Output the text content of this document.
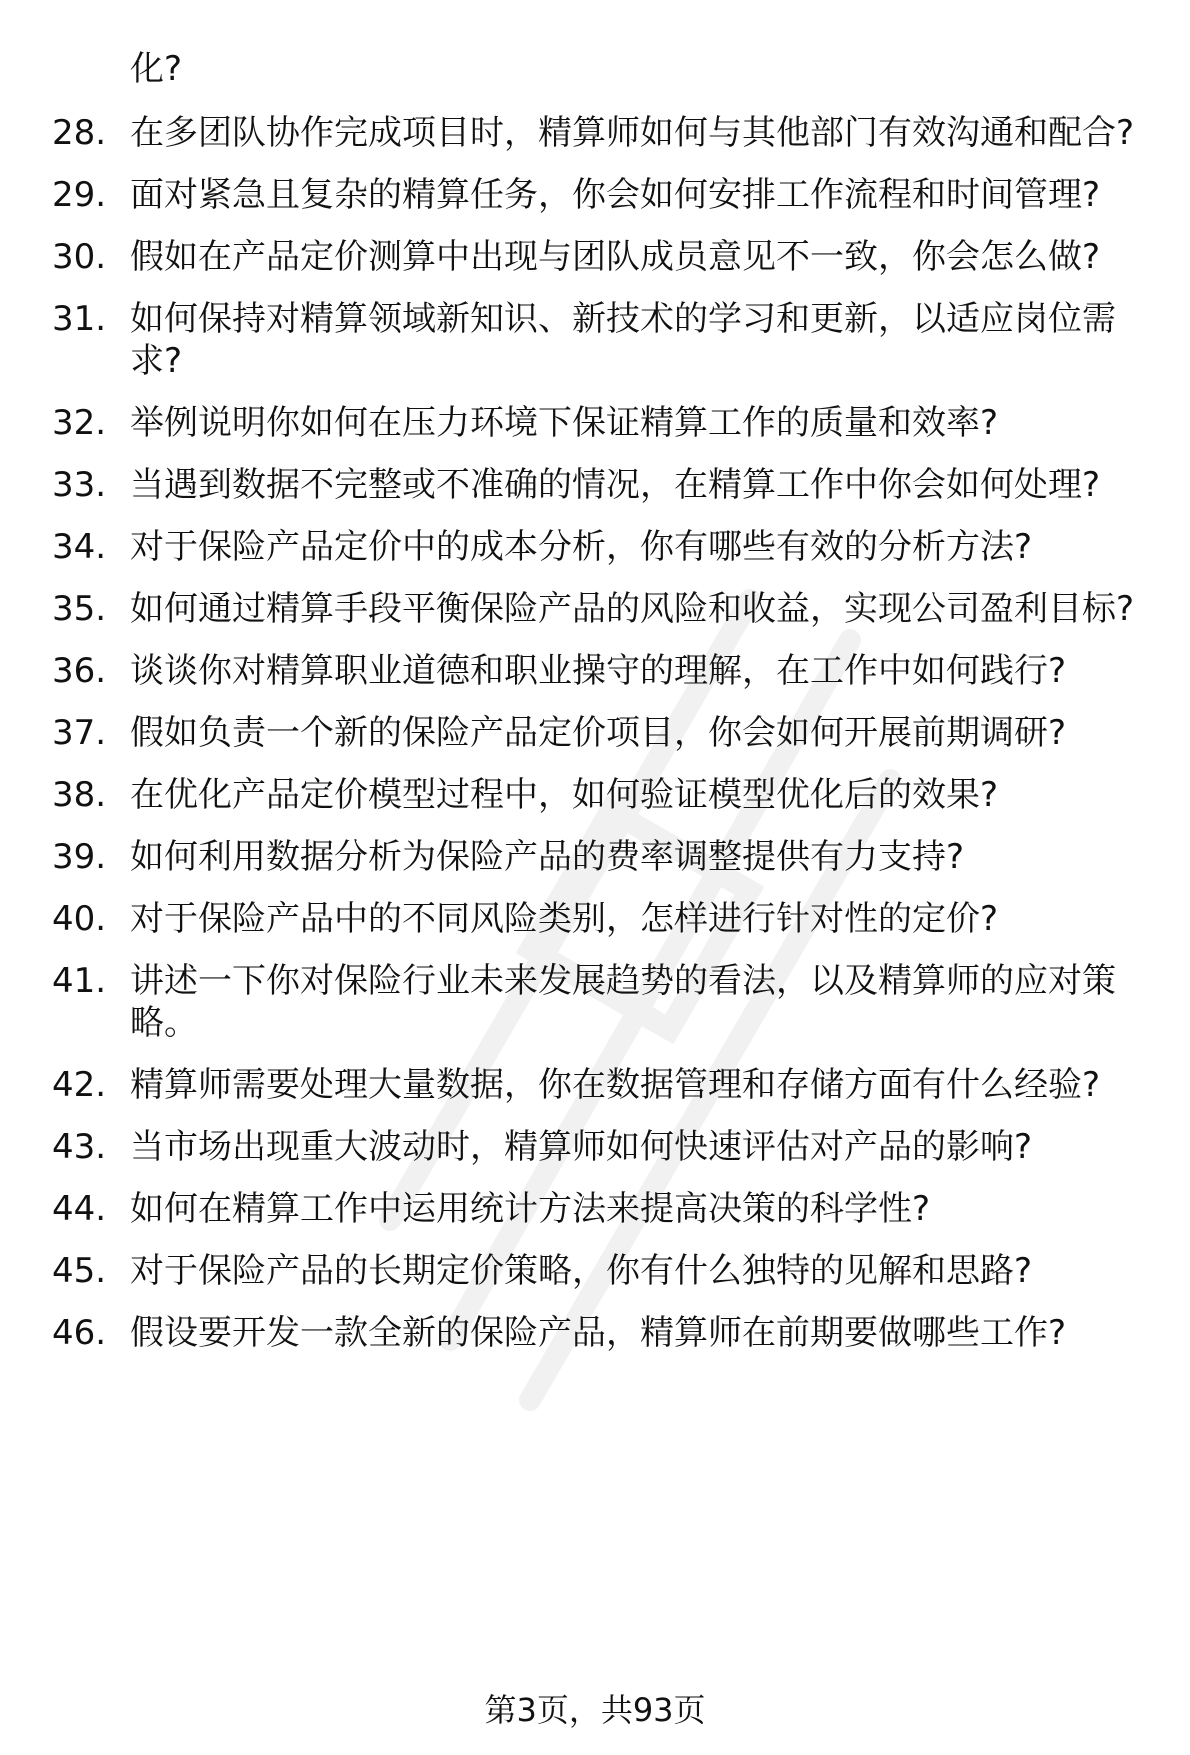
化?

28. 在多团队协作完成项目时，精算师如何与其他部门有效沟通和配合?
29. 面对紧急且复杂的精算任务，你会如何安排工作流程和时间管理?
30. 假如在产品定价测算中出现与团队成员意见不一致，你会怎么做?
31. 如何保持对精算领域新知识、新技术的学习和更新，以适应岗位需求?
32. 举例说明你如何在压力环境下保证精算工作的质量和效率?
33. 当遇到数据不完整或不准确的情况，在精算工作中你会如何处理?
34. 对于保险产品定价中的成本分析，你有哪些有效的分析方法?
35. 如何通过精算手段平衡保险产品的风险和收益，实现公司盈利目标?
36. 谈谈你对精算职业道德和职业操守的理解，在工作中如何践行?
37. 假如负责一个新的保险产品定价项目，你会如何开展前期调研?
38. 在优化产品定价模型过程中，如何验证模型优化后的效果?
39. 如何利用数据分析为保险产品的费率调整提供有力支持?
40. 对于保险产品中的不同风险类别，怎样进行针对性的定价?
41. 讲述一下你对保险行业未来发展趋势的看法，以及精算师的应对策略。
42. 精算师需要处理大量数据，你在数据管理和存储方面有什么经验?
43. 当市场出现重大波动时，精算师如何快速评估对产品的影响?
44. 如何在精算工作中运用统计方法来提高决策的科学性?
45. 对于保险产品的长期定价策略，你有什么独特的见解和思路?
46. 假设要开发一款全新的保险产品，精算师在前期要做哪些工作?

第3页，共93页
